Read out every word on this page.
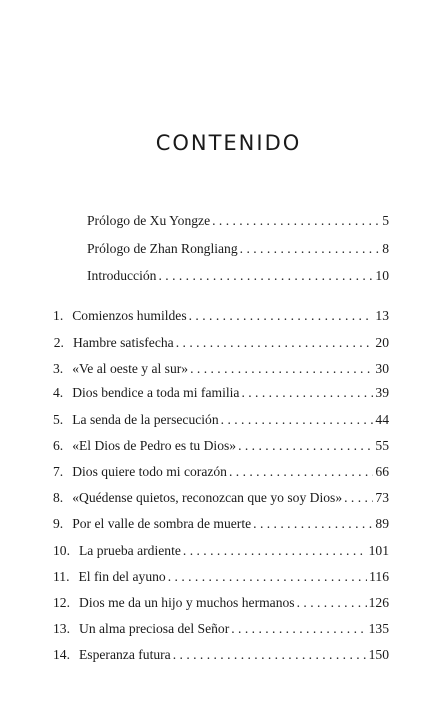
CONTENIDO
Prólogo de Xu Yongze . . .	5
Prólogo de Zhan Rongliang . . .	8
Introducción . . .	10
1. Comienzos humildes . . .	13
2. Hambre satisfecha . . .	20
3. «Ve al oeste y al sur» . . .	30
4. Dios bendice a toda mi familia . . .	39
5. La senda de la persecución . . .	44
6. «El Dios de Pedro es tu Dios» . . .	55
7. Dios quiere todo mi corazón . . .	66
8. «Quédense quietos, reconozcan que yo soy Dios» . . . 73
9. Por el valle de sombra de muerte . . .	89
10. La prueba ardiente . . .	101
11. El fin del ayuno . . .	116
12. Dios me da un hijo y muchos hermanos . . .	126
13. Un alma preciosa del Señor . . .	135
14. Esperanza futura . . .	150
